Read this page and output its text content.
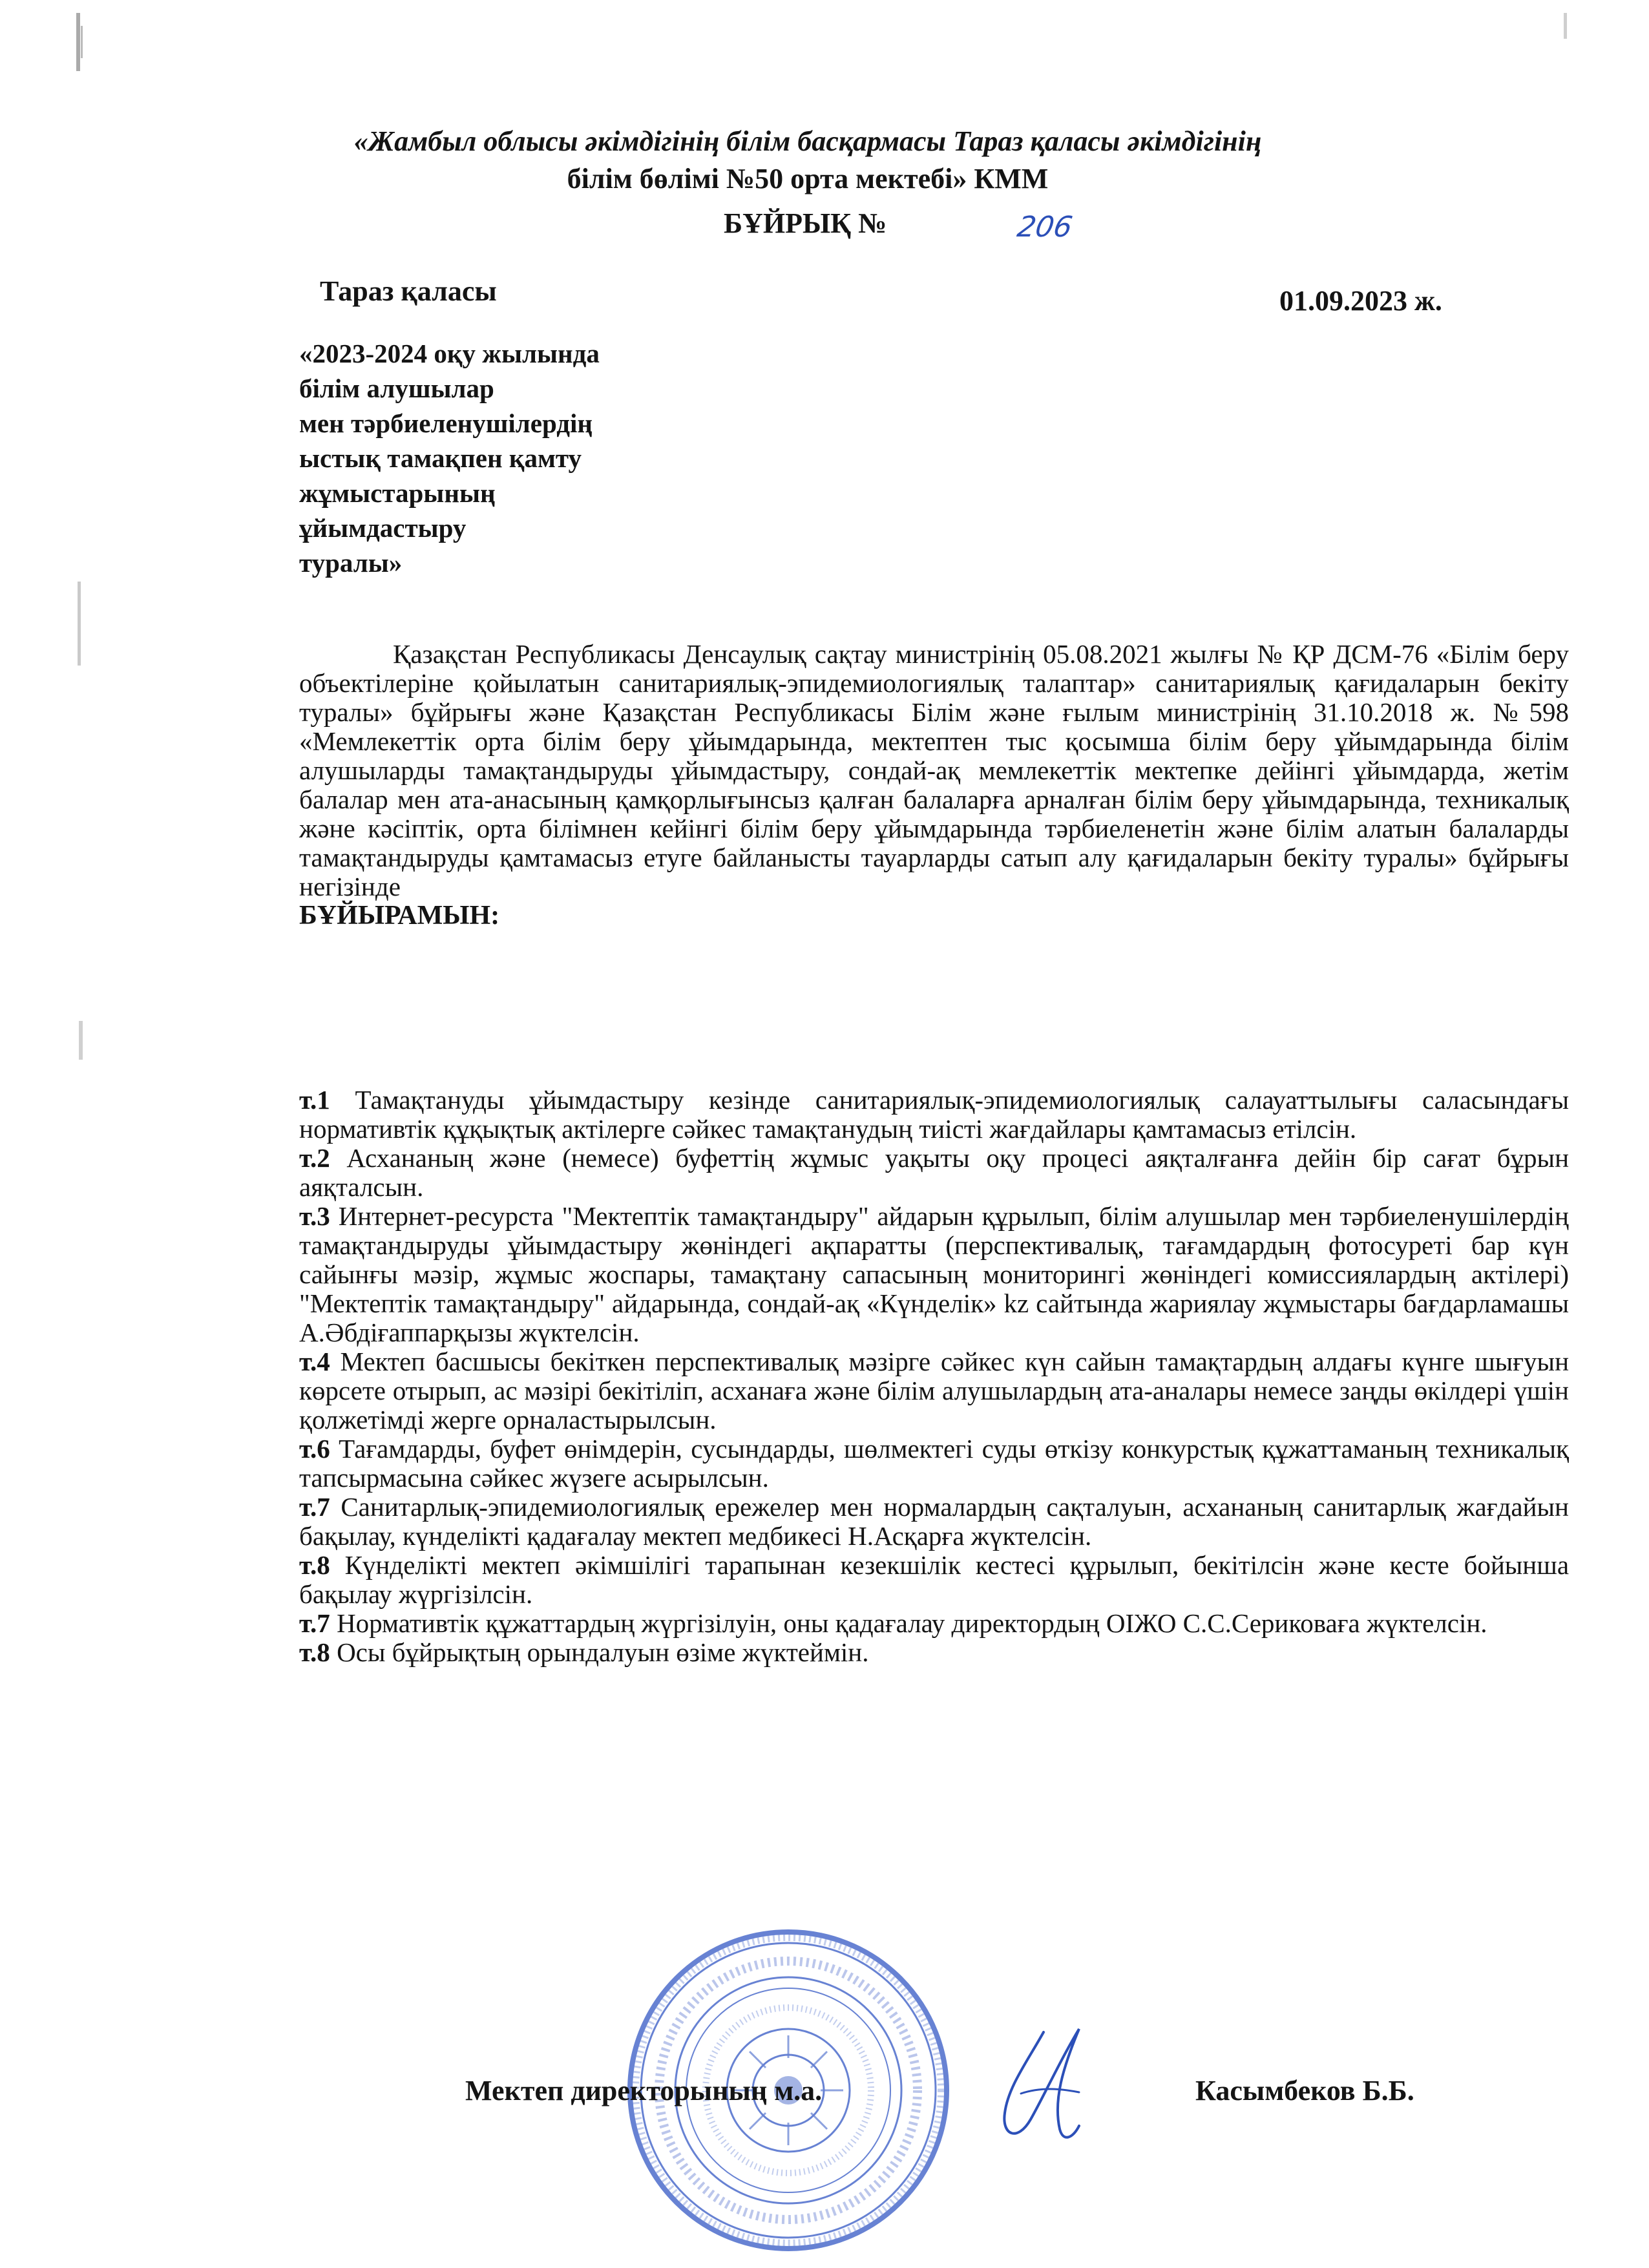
«Жамбыл облысы әкімдігінің білім басқармасы Тараз қаласы әкімдігінің
білім бөлімі №50 орта мектебі» КММ
БҰЙРЫҚ №	206
Тараз қаласы	01.09.2023 ж.
«2023-2024 оқу жылында
білім алушылар
мен тәрбиеленушілердің
ыстық тамақпен қамту
жұмыстарының
ұйымдастыру
туралы»
Қазақстан Республикасы Денсаулық сақтау министрінің 05.08.2021 жылғы № ҚР ДСМ-76 «Білім беру объектілеріне қойылатын санитариялық-эпидемиологиялық талаптар» санитариялық қағидаларын бекіту туралы» бұйрығы және Қазақстан Республикасы Білім және ғылым министрінің 31.10.2018 ж. №598 «Мемлекеттік орта білім беру ұйымдарында, мектептен тыс қосымша білім беру ұйымдарында білім алушыларды тамақтандыруды ұйымдастыру, сондай-ақ мемлекеттік мектепке дейінгі ұйымдарда, жетім балалар мен ата-анасының қамқорлығынсыз қалған балаларға арналған білім беру ұйымдарында, техникалық және кәсіптік, орта білімнен кейінгі білім беру ұйымдарында тәрбиеленетін және білім алатын балаларды тамақтандыруды қамтамасыз етуге байланысты тауарларды сатып алу қағидаларын бекіту туралы» бұйрығы негізінде
БҰЙЫРАМЫН:

т.1 Тамақтануды ұйымдастыру кезінде санитариялық-эпидемиологиялық салауаттылығы саласындағы нормативтік құқықтық актілерге сәйкес тамақтанудың тиісті жағдайлары қамтамасыз етілсін.

т.2 Асхананың және (немесе) буфеттің жұмыс уақыты оқу процесі аяқталғанға дейін бір сағат бұрын аяқталсын.

т.3 Интернет-ресурста "Мектептік тамақтандыру" айдарын құрылып, білім алушылар мен тәрбиеленушілердің тамақтандыруды ұйымдастыру жөніндегі ақпаратты (перспективалық, тағамдардың фотосуреті бар күн сайынғы мәзір, жұмыс жоспары, тамақтану сапасының мониторингі жөніндегі комиссиялардың актілері) "Мектептік тамақтандыру" айдарында, сондай-ақ «Күнделік» kz сайтында жариялау жұмыстары бағдарламашы А.Әбдіғаппарқызы жүктелсін.

т.4 Мектеп басшысы бекіткен перспективалық мәзірге сәйкес күн сайын тамақтардың алдағы күнге шығуын көрсете отырып, ас мәзірі бекітіліп, асханаға және білім алушылардың ата-аналары немесе заңды өкілдері үшін қолжетімді жерге орналастырылсын.

т.6 Тағамдарды, буфет өнімдерін, сусындарды, шөлмектегі суды өткізу конкурстық құжаттаманың техникалық тапсырмасына сәйкес жүзеге асырылсын.

т.7 Санитарлық-эпидемиологиялық ережелер мен нормалардың сақталуын, асхананың санитарлық жағдайын бақылау, күнделікті қадағалау мектеп медбикесі Н.Асқарға жүктелсін.

т.8 Күнделікті мектеп әкімшілігі тарапынан кезекшілік кестесі құрылып, бекітілсін және кесте бойынша бақылау жүргізілсін.

т.7 Нормативтік құжаттардың жүргізілуін, оны қадағалау директордың ОІЖО С.С.Сериковаға жүктелсін.

т.8 Осы бұйрықтың орындалуын өзіме жүктеймін.

Мектеп директорының м.а.	Касымбеков Б.Б.
